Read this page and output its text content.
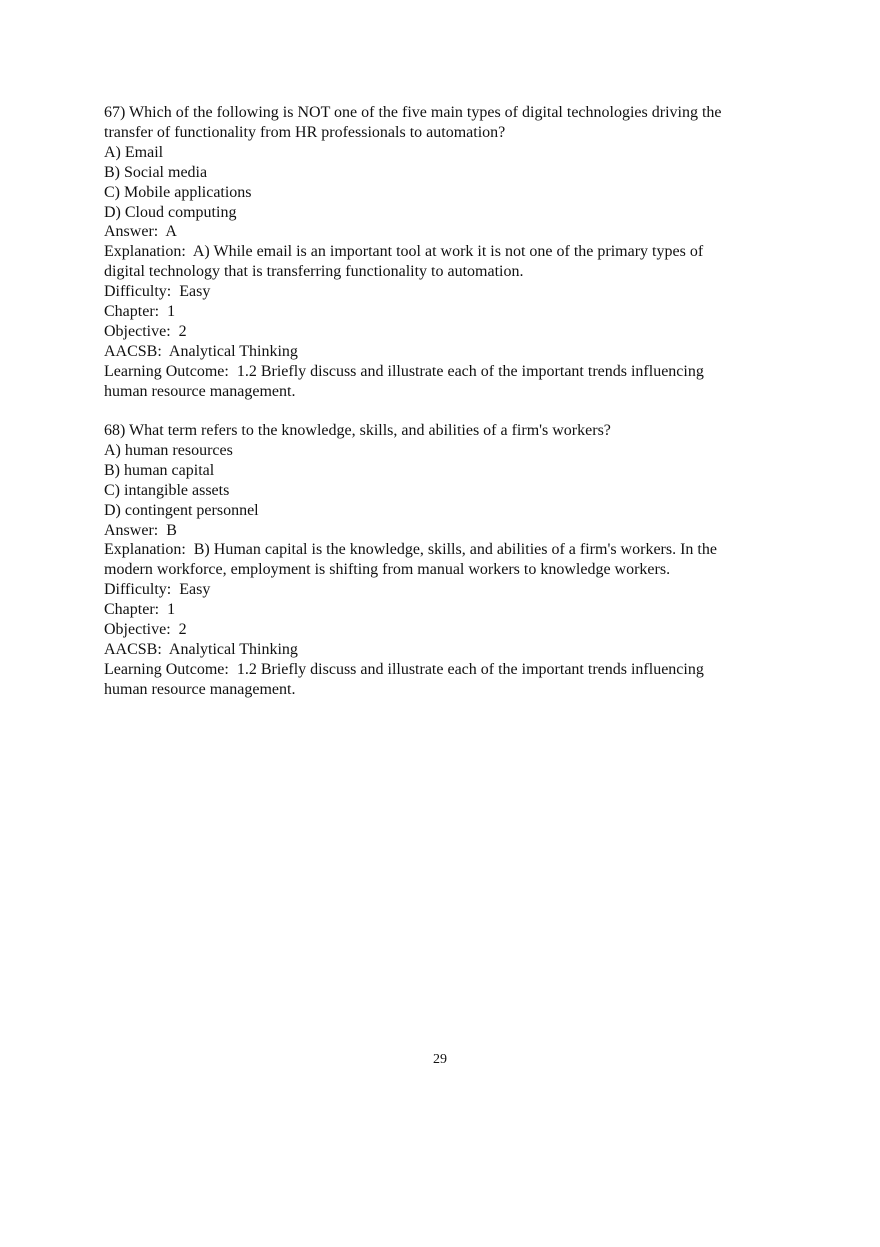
67) Which of the following is NOT one of the five main types of digital technologies driving the
transfer of functionality from HR professionals to automation?
A) Email
B) Social media
C) Mobile applications
D) Cloud computing
Answer:  A
Explanation:  A) While email is an important tool at work it is not one of the primary types of
digital technology that is transferring functionality to automation.
Difficulty:  Easy
Chapter:  1
Objective:  2
AACSB:  Analytical Thinking
Learning Outcome:  1.2 Briefly discuss and illustrate each of the important trends influencing
human resource management.
68) What term refers to the knowledge, skills, and abilities of a firm's workers?
A) human resources
B) human capital
C) intangible assets
D) contingent personnel
Answer:  B
Explanation:  B) Human capital is the knowledge, skills, and abilities of a firm's workers. In the
modern workforce, employment is shifting from manual workers to knowledge workers.
Difficulty:  Easy
Chapter:  1
Objective:  2
AACSB:  Analytical Thinking
Learning Outcome:  1.2 Briefly discuss and illustrate each of the important trends influencing
human resource management.
29
